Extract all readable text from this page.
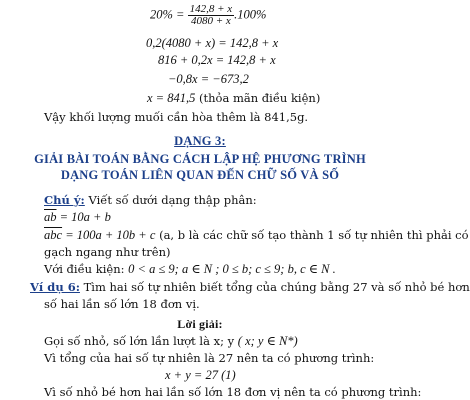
$20\% = \frac{142,8 + x}{4080 + x} .100\%$
0,2(4080 + x) = 142,8 + x
816 + 0,2x = 142,8 + x
−0,8x = −673,2
x = 841,5 (thỏa mãn điều kiện)
Vậy khối lượng muối cần hòa thêm là 841,5g.
DẠNG 3:
GIẢI BÀI TOÁN BẰNG CÁCH LẬP HỆ PHƯƠNG TRÌNH
DẠNG TOÁN LIÊN QUAN ĐẾN CHỮ SỐ VÀ SỐ
Chú ý: Viết số dưới dạng thập phân:
$\overline{ab} = 10a + b$
$\overline{abc} = 100a + 10b + c$ (a, b là các chữ số tạo thành 1 số tự nhiên thì phải có
gạch ngang như trên)
Với điều kiện: 0 < a ≤ 9; a ∈ N ; 0 ≤ b; c ≤ 9; b, c ∈ N .
Ví dụ 6: Tìm hai số tự nhiên biết tổng của chúng bằng 27 và số nhỏ bé hơn
số hai lần số lớn 18 đơn vị.
Lời giải:
Gọi số nhỏ, số lớn lần lượt là x; y ( x; y ∈ N*)
Vì tổng của hai số tự nhiên là 27 nên ta có phương trình:
x + y = 27 (1)
Vì số nhỏ bé hơn hai lần số lớn 18 đơn vị nên ta có phương trình:
